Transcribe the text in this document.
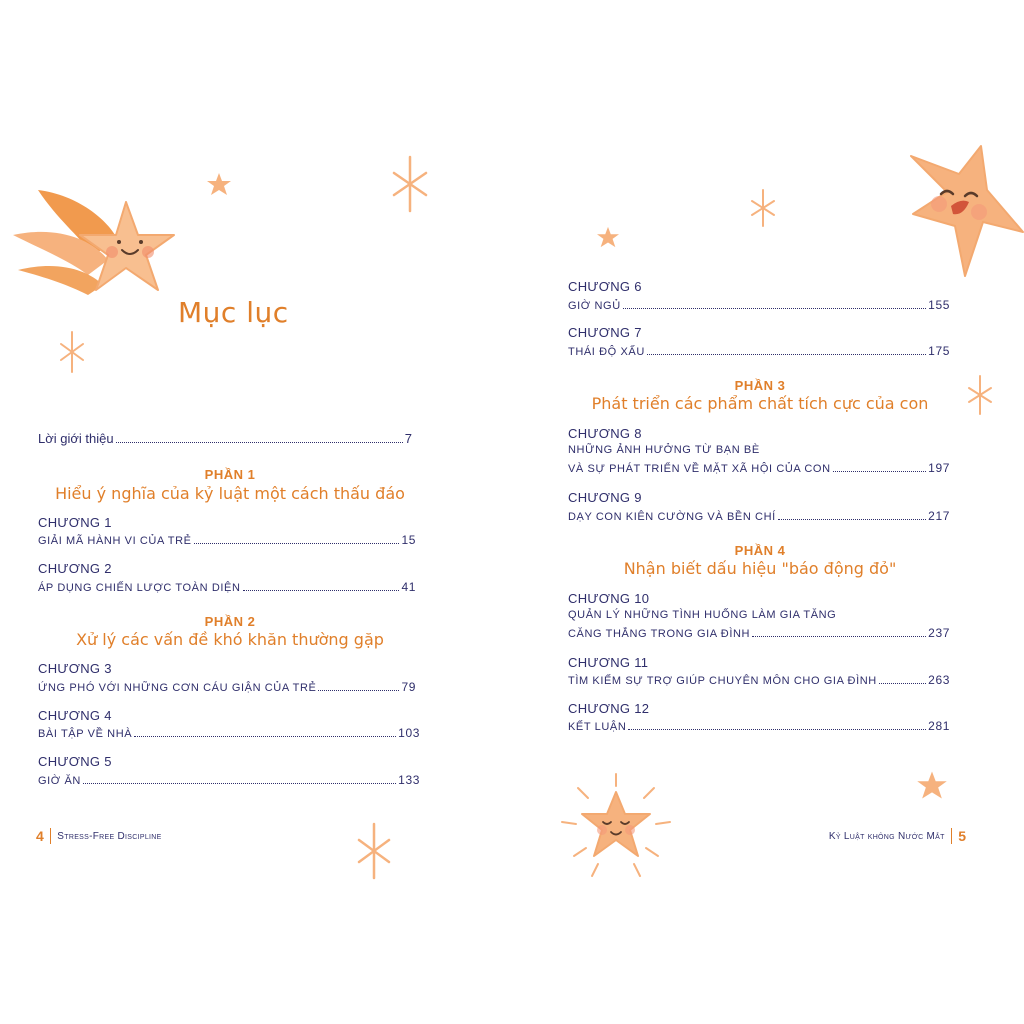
Mục lục
Lời giới thiệu	7
PHẦN 1
Hiểu ý nghĩa của kỷ luật một cách thấu đáo
CHƯƠNG 1
GIẢI MÃ HÀNH VI CỦA TRẺ	15
CHƯƠNG 2
ÁP DỤNG CHIẾN LƯỢC TOÀN DIỆN	41
PHẦN 2
Xử lý các vấn đề khó khăn thường gặp
CHƯƠNG 3
ỨNG PHÓ VỚI NHỮNG CƠN CÁU GIẬN CỦA TRẺ	79
CHƯƠNG 4
BÀI TẬP VỀ NHÀ	103
CHƯƠNG 5
GIỜ ĂN	133
4 Stress-Free Discipline
CHƯƠNG 6
GIỜ NGỦ	155
CHƯƠNG 7
THÁI ĐỘ XẤU	175
PHẦN 3
Phát triển các phẩm chất tích cực của con
CHƯƠNG 8
NHỮNG ẢNH HƯỞNG TỪ BẠN BÈ
VÀ SỰ PHÁT TRIỂN VỀ MẶT XÃ HỘI CỦA CON	197
CHƯƠNG 9
DẠY CON KIÊN CƯỜNG VÀ BỀN CHÍ	217
PHẦN 4
Nhận biết dấu hiệu "báo động đỏ"
CHƯƠNG 10
QUẢN LÝ NHỮNG TÌNH HUỐNG LÀM GIA TĂNG
CĂNG THẲNG TRONG GIA ĐÌNH	237
CHƯƠNG 11
TÌM KIẾM SỰ TRỢ GIÚP CHUYÊN MÔN CHO GIA ĐÌNH	263
CHƯƠNG 12
KẾT LUẬN	281
Kỷ Luật không Nước Mắt 5
